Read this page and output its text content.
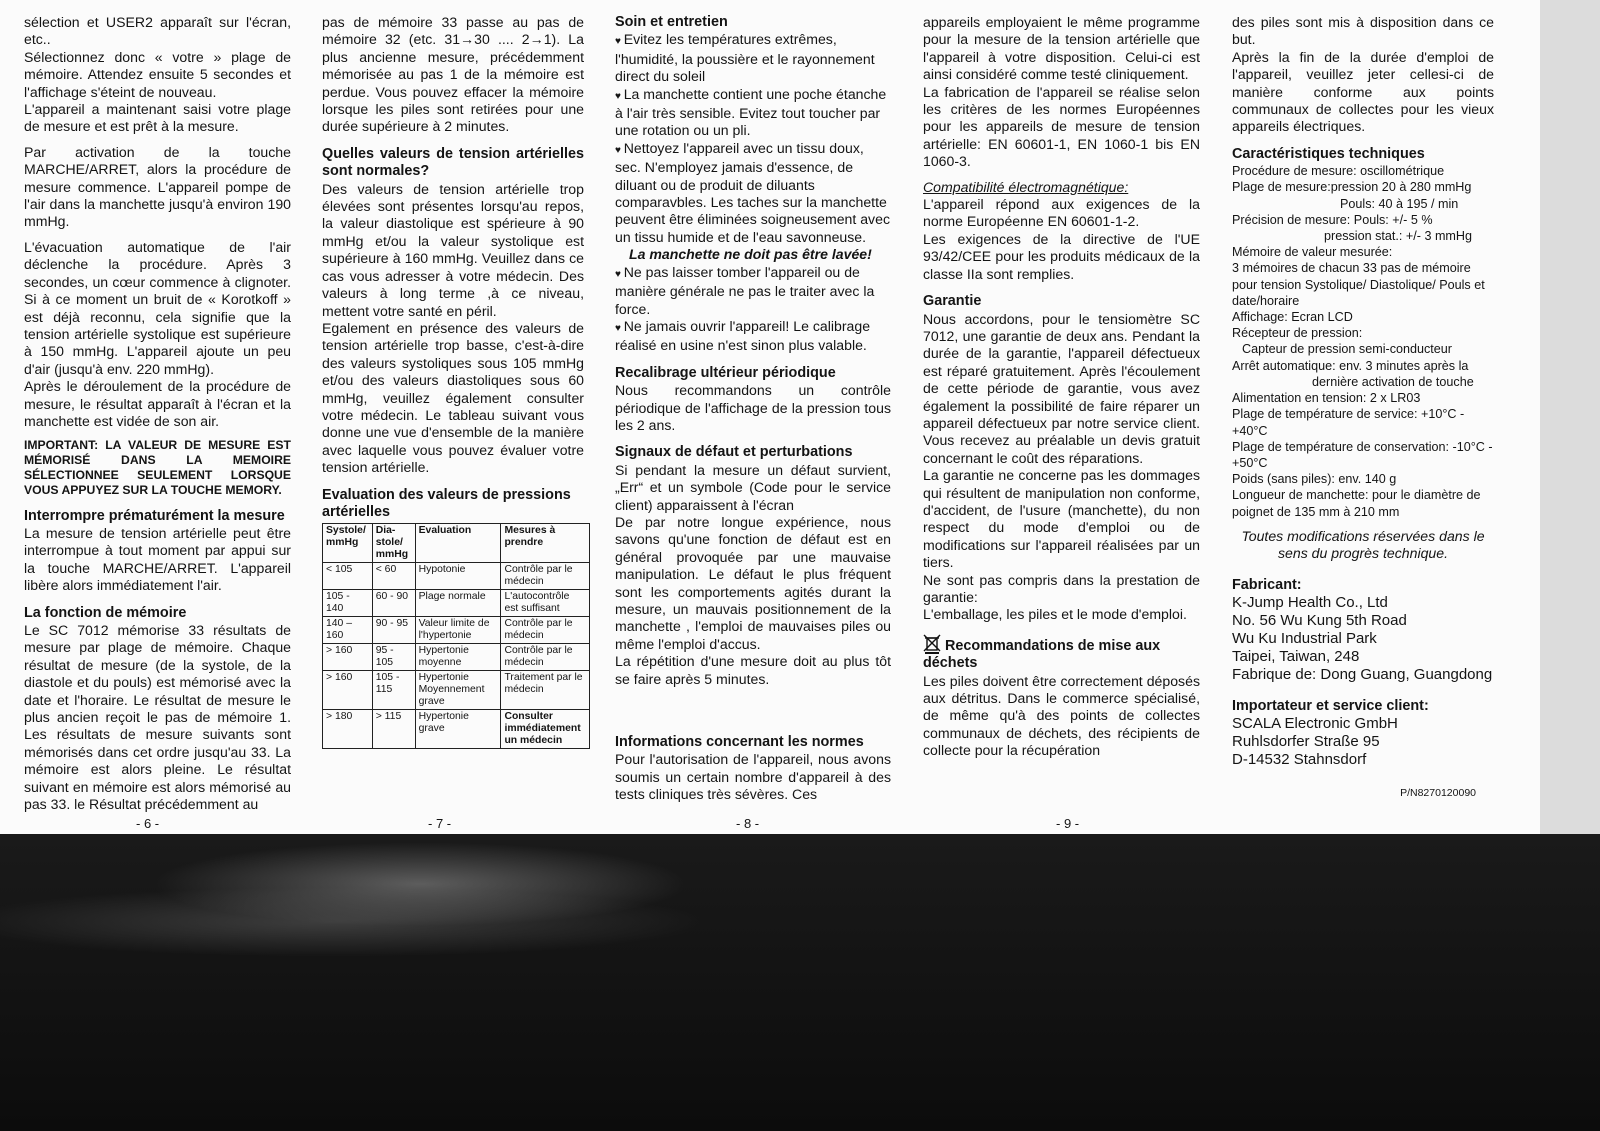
sélection et USER2 apparaît sur l'écran, etc..

Sélectionnez donc « votre » plage de mémoire. Attendez ensuite 5 secondes et l'affichage s'éteint de nouveau.

L'appareil a maintenant saisi votre plage de mesure et est prêt à la mesure.

Par activation de la touche MARCHE/ARRET, alors la procédure de mesure commence. L'appareil pompe de l'air dans la manchette jusqu'à environ 190 mmHg.

L'évacuation automatique de l'air déclenche la procédure. Après 3 secondes, un cœur commence à clignoter. Si à ce moment un bruit de « Korotkoff » est déjà reconnu, cela signifie que la tension artérielle systolique est supérieure à 150 mmHg. L'appareil ajoute un peu d'air (jusqu'à env. 220 mmHg).

Après le déroulement de la procédure de mesure, le résultat apparaît à l'écran et la manchette est vidée de son air.

IMPORTANT: LA VALEUR DE MESURE EST MÉMORISÉ DANS LA MEMOIRE SÉLECTIONNEE SEULEMENT LORSQUE VOUS APPUYEZ SUR LA TOUCHE MEMORY.

Interrompre prématurément la mesure

La mesure de tension artérielle peut être interrompue à tout moment par appui sur la touche MARCHE/ARRET. L'appareil libère alors immédiatement l'air.

La fonction de mémoire

Le SC 7012 mémorise 33 résultats de mesure par plage de mémoire. Chaque résultat de mesure (de la systole, de la diastole et du pouls) est mémorisé avec la date et l'horaire. Le résultat de mesure le plus ancien reçoit le pas de mémoire 1. Les résultats de mesure suivants sont mémorisés dans cet ordre jusqu'au 33. La mémoire est alors pleine. Le résultat suivant en mémoire est alors mémorisé au pas 33. le Résultat précédemment au

- 6 -

pas de mémoire 33 passe au pas de mémoire 32 (etc. 31→30 .... 2→1). La plus ancienne mesure, précédemment mémorisée au pas 1 de la mémoire est perdue. Vous pouvez effacer la mémoire lorsque les piles sont retirées pour une durée supérieure à 2 minutes.

Quelles valeurs de tension artérielles sont normales?

Des valeurs de tension artérielle trop élevées sont présentes lorsqu'au repos, la valeur diastolique est spérieure à 90 mmHg et/ou la valeur systolique est supérieure à 160 mmHg. Veuillez dans ce cas vous adresser à votre médecin. Des valeurs à long terme ,à ce niveau, mettent votre santé en péril.

Egalement en présence des valeurs de tension artérielle trop basse, c'est-à-dire des valeurs systoliques sous 105 mmHg et/ou des valeurs diastoliques sous 60 mmHg, veuillez également consulter votre médecin. Le tableau suivant vous donne une vue d'ensemble de la manière avec laquelle vous pouvez évaluer votre tension artérielle.

Evaluation des valeurs de pressions artérielles

Systole/ mmHg	Dia-stole/ mmHg	Evaluation	Mesures à prendre
< 105	< 60	Hypotonie	Contrôle par le médecin
105 - 140	60 - 90	Plage normale	L'autocontrôle est suffisant
140 – 160	90 - 95	Valeur limite de l'hypertonie	Contrôle par le médecin
> 160	95 - 105	Hypertonie moyenne	Contrôle par le médecin
> 160	105 - 115	Hypertonie Moyennement grave	Traitement par le médecin
> 180	> 115	Hypertonie grave	Consulter immédiatement un médecin
- 7 -

Soin et entretien

♥ Evitez les températures extrêmes, l'humidité, la poussière et le rayonnement direct du soleil

♥ La manchette contient une poche étanche à l'air très sensible. Evitez tout toucher par une rotation ou un pli.

♥ Nettoyez l'appareil avec un tissu doux, sec. N'employez jamais d'essence, de diluant ou de produit de diluants comparavbles. Les taches sur la manchette peuvent être éliminées soigneusement avec un tissu humide et de l'eau savonneuse.

La manchette ne doit pas être lavée!

♥ Ne pas laisser tomber l'appareil ou de manière générale ne pas le traiter avec la force.

♥ Ne jamais ouvrir l'appareil! Le calibrage réalisé en usine n'est sinon plus valable.

Recalibrage ultérieur périodique

Nous recommandons un contrôle périodique de l'affichage de la pression tous les 2 ans.

Signaux de défaut et perturbations

Si pendant la mesure un défaut survient, „Err“ et un symbole (Code pour le service client) apparaissent à l'écran

De par notre longue expérience, nous savons qu'une fonction de défaut est en général provoquée par une mauvaise manipulation. Le défaut le plus fréquent sont les comportements agités durant la mesure, un mauvais positionnement de la manchette , l'emploi de mauvaises piles ou même l'emploi d'accus.

La répétition d'une mesure doit au plus tôt se faire après 5 minutes.

Informations concernant les normes

Pour l'autorisation de l'appareil, nous avons soumis un certain nombre d'appareil à des tests cliniques très sévères. Ces

- 8 -

appareils employaient le même programme pour la mesure de la tension artérielle que l'appareil à votre disposition. Celui-ci est ainsi considéré comme testé cliniquement.

La fabrication de l'appareil se réalise selon les critères de les normes Européennes pour les appareils de mesure de tension artérielle: EN 60601-1, EN 1060-1 bis EN 1060-3.

Compatibilité électromagnétique:

L'appareil répond aux exigences de la norme Européenne EN 60601-1-2.

Les exigences de la directive de l'UE 93/42/CEE pour les produits médicaux de la classe IIa sont remplies.

Garantie

Nous accordons, pour le tensiomètre SC 7012, une garantie de deux ans. Pendant la durée de la garantie, l'appareil défectueux est réparé gratuitement. Après l'écoulement de cette période de garantie, vous avez également la possibilité de faire réparer un appareil défectueux par notre service client. Vous recevez au préalable un devis gratuit concernant le coût des réparations.

La garantie ne concerne pas les dommages qui résultent de manipulation non conforme, d'accident, de l'usure (manchette), du non respect du mode d'emploi ou de modifications sur l'appareil réalisées par un tiers.

Ne sont pas compris dans la prestation de garantie:

L'emballage, les piles et le mode d'emploi.

Recommandations de mise aux déchets

Les piles doivent être correctement déposés aux détritus. Dans le commerce spécialisé, de même qu'à des points de collectes communaux de déchets, des récipients de collecte pour la récupération

- 9 -

des piles sont mis à disposition dans ce but.

Après la fin de la durée d'emploi de l'appareil, veuillez jeter cellesi-ci de manière conforme aux points communaux de collectes pour les vieux appareils électriques.

Caractéristiques techniques

Procédure de mesure: oscillométrique

Plage de mesure:pression 20 à 280 mmHg

Pouls: 40 à 195 / min

Précision de mesure: Pouls: +/- 5 %

pression stat.: +/- 3 mmHg

Mémoire de valeur mesurée:

3 mémoires de chacun 33 pas de mémoire pour tension Systolique/ Diastolique/ Pouls et date/horaire

Affichage: Ecran LCD

Récepteur de pression:

Capteur de pression semi-conducteur

Arrêt automatique: env. 3 minutes après la

dernière activation de touche

Alimentation en tension: 2 x LR03

Plage de température de service: +10°C - +40°C

Plage de température de conservation: -10°C - +50°C

Poids (sans piles): env. 140 g

Longueur de manchette: pour le diamètre de poignet de 135 mm à 210 mm

Toutes modifications réservées dans le sens du progrès technique.

Fabricant:

K-Jump Health Co., Ltd

No. 56 Wu Kung 5th Road

Wu Ku Industrial Park

Taipei, Taiwan, 248

Fabrique de: Dong Guang, Guangdong

Importateur et service client:

SCALA Electronic GmbH

Ruhlsdorfer Straße 95

D-14532 Stahnsdorf

P/N8270120090
